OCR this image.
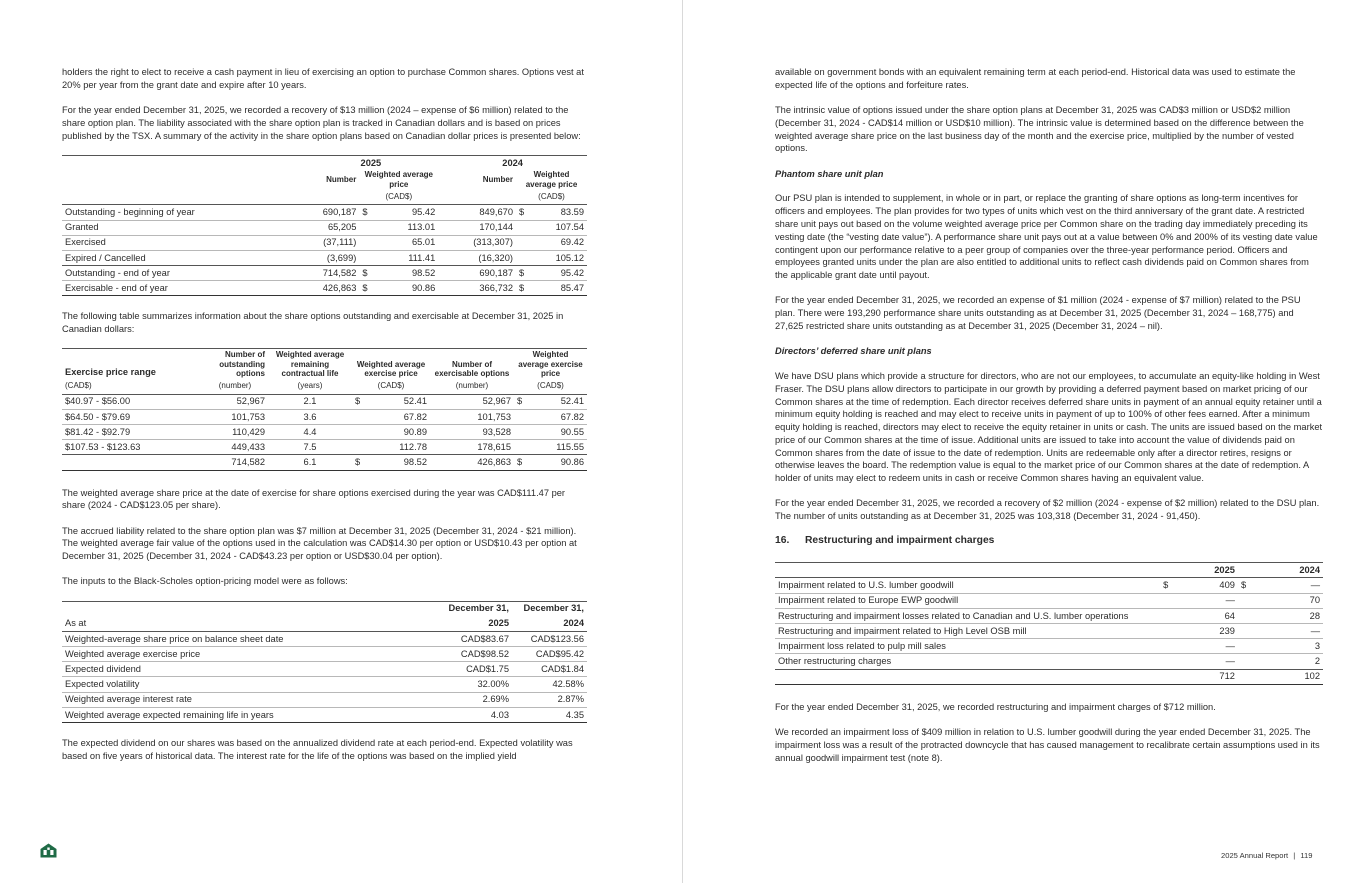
holders the right to elect to receive a cash payment in lieu of exercising an option to purchase Common shares. Options vest at 20% per year from the grant date and expire after 10 years.

For the year ended December 31, 2025, we recorded a recovery of $13 million (2024 – expense of $6 million) related to the share option plan. The liability associated with the share option plan is tracked in Canadian dollars and is based on prices published by the TSX. A summary of the activity in the share option plans based on Canadian dollar prices is presented below:

	2025			2024		
	Number	Weighted average price		Number	Weighted average price	
		(CAD$)			(CAD$)	
Outstanding - beginning of year	690,187	$	95.42	849,670	$	83.59
Granted	65,205		113.01	170,144		107.54
Exercised	(37,111)		65.01	(313,307)		69.42
Expired / Cancelled	(3,699)		111.41	(16,320)		105.12
Outstanding - end of year	714,582	$	98.52	690,187	$	95.42
Exercisable - end of year	426,863	$	90.86	366,732	$	85.47

The following table summarizes information about the share options outstanding and exercisable at December 31, 2025 in Canadian dollars:

Exercise price range	Number of outstanding options	Weighted average remaining contractual life	Weighted average exercise price		Number of exercisable options	Weighted average exercise price	
(CAD$)	(number)	(years)	(CAD$)		(number)	(CAD$)	
$40.97 - $56.00	52,967	2.1	$	52.41	52,967	$	52.41
$64.50 - $79.69	101,753	3.6		67.82	101,753		67.82
$81.42 - $92.79	110,429	4.4		90.89	93,528		90.55
$107.53 - $123.63	449,433	7.5		112.78	178,615		115.55
	714,582	6.1	$	98.52	426,863	$	90.86

The weighted average share price at the date of exercise for share options exercised during the year was CAD$111.47 per share (2024 - CAD$123.05 per share).

The accrued liability related to the share option plan was $7 million at December 31, 2025 (December 31, 2024 - $21 million). The weighted average fair value of the options used in the calculation was CAD$14.30 per option or USD$10.43 per option at December 31, 2025 (December 31, 2024 - CAD$43.23 per option or USD$30.04 per option).

The inputs to the Black-Scholes option-pricing model were as follows:

	December 31,	December 31,
As at	2025	2024
Weighted-average share price on balance sheet date	CAD$83.67	CAD$123.56
Weighted average exercise price	CAD$98.52	CAD$95.42
Expected dividend	CAD$1.75	CAD$1.84
Expected volatility	32.00%	42.58%
Weighted average interest rate	2.69%	2.87%
Weighted average expected remaining life in years	4.03	4.35

The expected dividend on our shares was based on the annualized dividend rate at each period-end. Expected volatility was based on five years of historical data. The interest rate for the life of the options was based on the implied yield

available on government bonds with an equivalent remaining term at each period-end. Historical data was used to estimate the expected life of the options and forfeiture rates.

The intrinsic value of options issued under the share option plans at December 31, 2025 was CAD$3 million or USD$2 million (December 31, 2024 - CAD$14 million or USD$10 million). The intrinsic value is determined based on the difference between the weighted average share price on the last business day of the month and the exercise price, multiplied by the number of vested options.

Phantom share unit plan

Our PSU plan is intended to supplement, in whole or in part, or replace the granting of share options as long-term incentives for officers and employees. The plan provides for two types of units which vest on the third anniversary of the grant date. A restricted share unit pays out based on the volume weighted average price per Common share on the trading day immediately preceding its vesting date (the “vesting date value”). A performance share unit pays out at a value between 0% and 200% of its vesting date value contingent upon our performance relative to a peer group of companies over the three-year performance period. Officers and employees granted units under the plan are also entitled to additional units to reflect cash dividends paid on Common shares from the applicable grant date until payout.

For the year ended December 31, 2025, we recorded an expense of $1 million (2024 - expense of $7 million) related to the PSU plan. There were 193,290 performance share units outstanding as at December 31, 2025 (December 31, 2024 – 168,775) and 27,625 restricted share units outstanding as at December 31, 2025 (December 31, 2024 – nil).

Directors’ deferred share unit plans

We have DSU plans which provide a structure for directors, who are not our employees, to accumulate an equity-like holding in West Fraser. The DSU plans allow directors to participate in our growth by providing a deferred payment based on market pricing of our Common shares at the time of redemption. Each director receives deferred share units in payment of an annual equity retainer until a minimum equity holding is reached and may elect to receive units in payment of up to 100% of other fees earned. After a minimum equity holding is reached, directors may elect to receive the equity retainer in units or cash. The units are issued based on the market price of our Common shares at the time of issue. Additional units are issued to take into account the value of dividends paid on Common shares from the date of issue to the date of redemption. Units are redeemable only after a director retires, resigns or otherwise leaves the board. The redemption value is equal to the market price of our Common shares at the date of redemption. A holder of units may elect to redeem units in cash or receive Common shares having an equivalent value.

For the year ended December 31, 2025, we recorded a recovery of $2 million (2024 - expense of $2 million) related to the DSU plan. The number of units outstanding as at December 31, 2025 was 103,318 (December 31, 2024 - 91,450).

16. Restructuring and impairment charges
		2025		2024
Impairment related to U.S. lumber goodwill	$	409	$	—
Impairment related to Europe EWP goodwill		—		70
Restructuring and impairment losses related to Canadian and U.S. lumber operations		64		28
Restructuring and impairment related to High Level OSB mill		239		—
Impairment loss related to pulp mill sales		—		3
Other restructuring charges		—		2
		712		102

For the year ended December 31, 2025, we recorded restructuring and impairment charges of $712 million.

We recorded an impairment loss of $409 million in relation to U.S. lumber goodwill during the year ended December 31, 2025. The impairment loss was a result of the protracted downcycle that has caused management to recalibrate certain assumptions used in its annual goodwill impairment test (note 8).

2025 Annual Report | 119
